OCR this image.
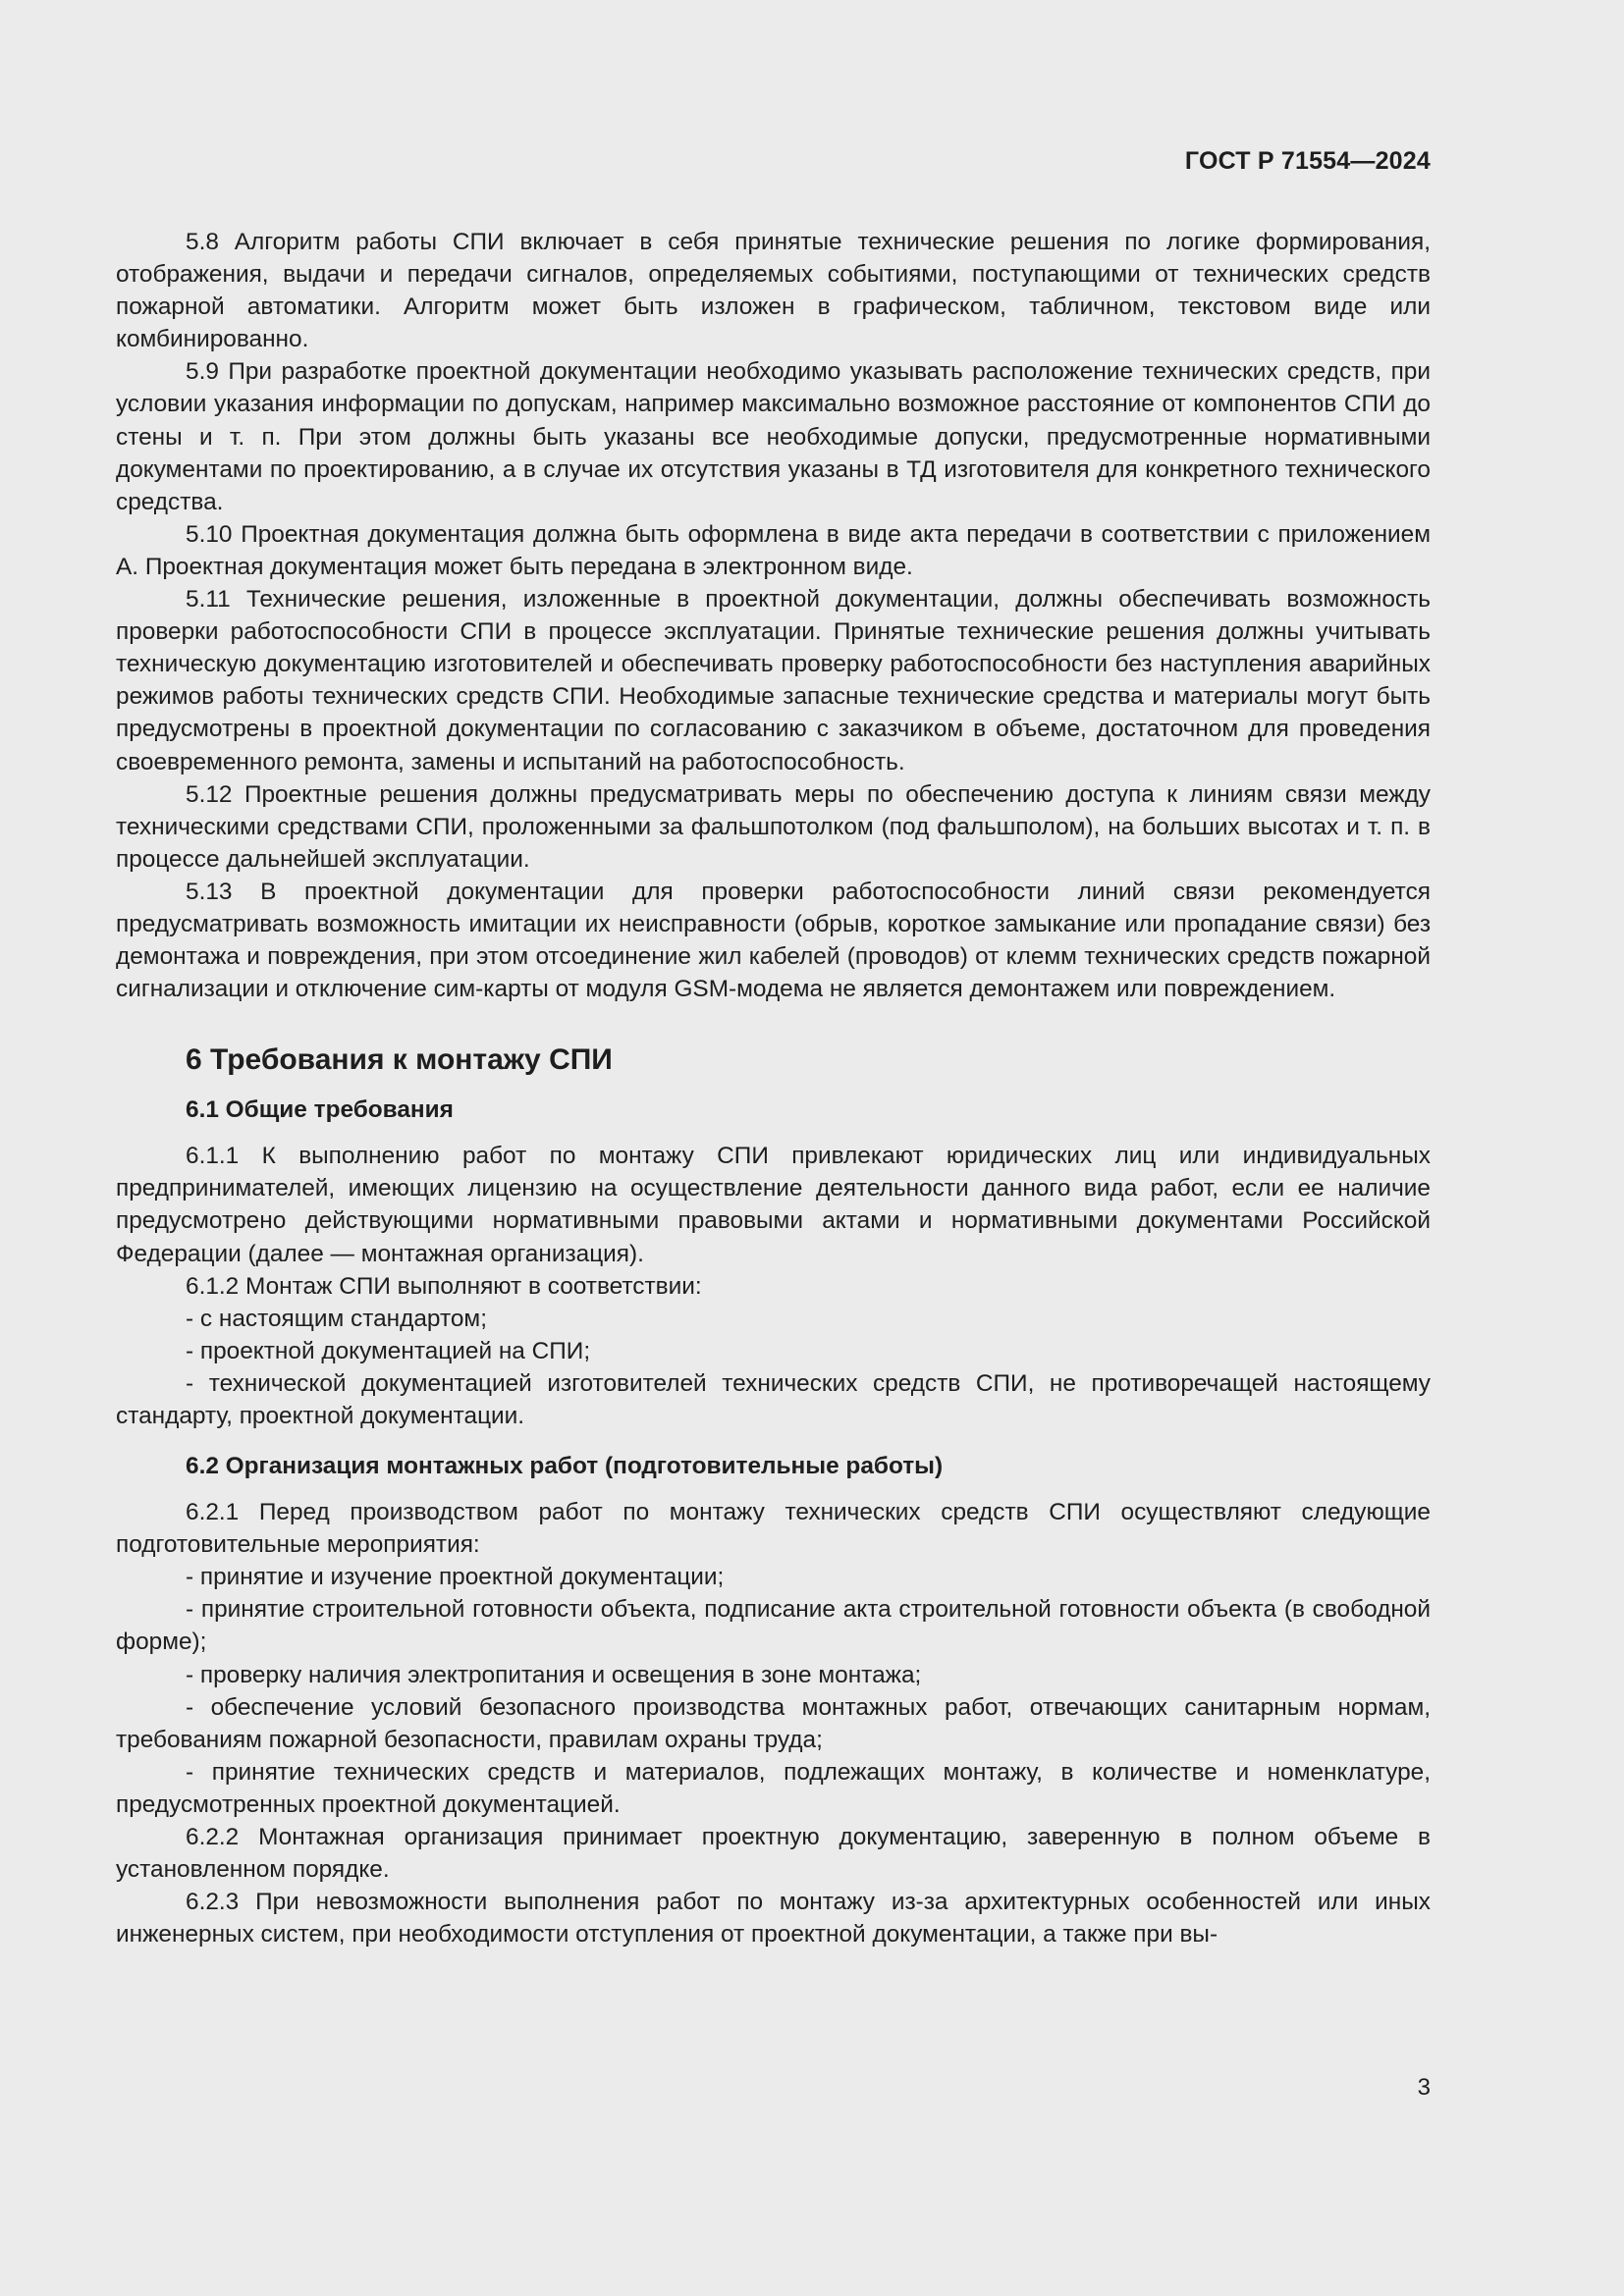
ГОСТ Р 71554—2024

5.8 Алгоритм работы СПИ включает в себя принятые технические решения по логике формирования, отображения, выдачи и передачи сигналов, определяемых событиями, поступающими от технических средств пожарной автоматики. Алгоритм может быть изложен в графическом, табличном, текстовом виде или комбинированно.

5.9 При разработке проектной документации необходимо указывать расположение технических средств, при условии указания информации по допускам, например максимально возможное расстояние от компонентов СПИ до стены и т. п. При этом должны быть указаны все необходимые допуски, предусмотренные нормативными документами по проектированию, а в случае их отсутствия указаны в ТД изготовителя для конкретного технического средства.

5.10 Проектная документация должна быть оформлена в виде акта передачи в соответствии с приложением А. Проектная документация может быть передана в электронном виде.

5.11 Технические решения, изложенные в проектной документации, должны обеспечивать возможность проверки работоспособности СПИ в процессе эксплуатации. Принятые технические решения должны учитывать техническую документацию изготовителей и обеспечивать проверку работоспособности без наступления аварийных режимов работы технических средств СПИ. Необходимые запасные технические средства и материалы могут быть предусмотрены в проектной документации по согласованию с заказчиком в объеме, достаточном для проведения своевременного ремонта, замены и испытаний на работоспособность.

5.12 Проектные решения должны предусматривать меры по обеспечению доступа к линиям связи между техническими средствами СПИ, проложенными за фальшпотолком (под фальшполом), на больших высотах и т. п. в процессе дальнейшей эксплуатации.

5.13 В проектной документации для проверки работоспособности линий связи рекомендуется предусматривать возможность имитации их неисправности (обрыв, короткое замыкание или пропадание связи) без демонтажа и повреждения, при этом отсоединение жил кабелей (проводов) от клемм технических средств пожарной сигнализации и отключение сим-карты от модуля GSM-модема не является демонтажем или повреждением.

6 Требования к монтажу СПИ
6.1 Общие требования

6.1.1 К выполнению работ по монтажу СПИ привлекают юридических лиц или индивидуальных предпринимателей, имеющих лицензию на осуществление деятельности данного вида работ, если ее наличие предусмотрено действующими нормативными правовыми актами и нормативными документами Российской Федерации (далее — монтажная организация).

6.1.2 Монтаж СПИ выполняют в соответствии:

- с настоящим стандартом;

- проектной документацией на СПИ;

- технической документацией изготовителей технических средств СПИ, не противоречащей настоящему стандарту, проектной документации.

6.2 Организация монтажных работ (подготовительные работы)

6.2.1 Перед производством работ по монтажу технических средств СПИ осуществляют следующие подготовительные мероприятия:

- принятие и изучение проектной документации;

- принятие строительной готовности объекта, подписание акта строительной готовности объекта (в свободной форме);

- проверку наличия электропитания и освещения в зоне монтажа;

- обеспечение условий безопасного производства монтажных работ, отвечающих санитарным нормам, требованиям пожарной безопасности, правилам охраны труда;

- принятие технических средств и материалов, подлежащих монтажу, в количестве и номенклатуре, предусмотренных проектной документацией.

6.2.2 Монтажная организация принимает проектную документацию, заверенную в полном объеме в установленном порядке.

6.2.3 При невозможности выполнения работ по монтажу из-за архитектурных особенностей или иных инженерных систем, при необходимости отступления от проектной документации, а также при вы-

3
